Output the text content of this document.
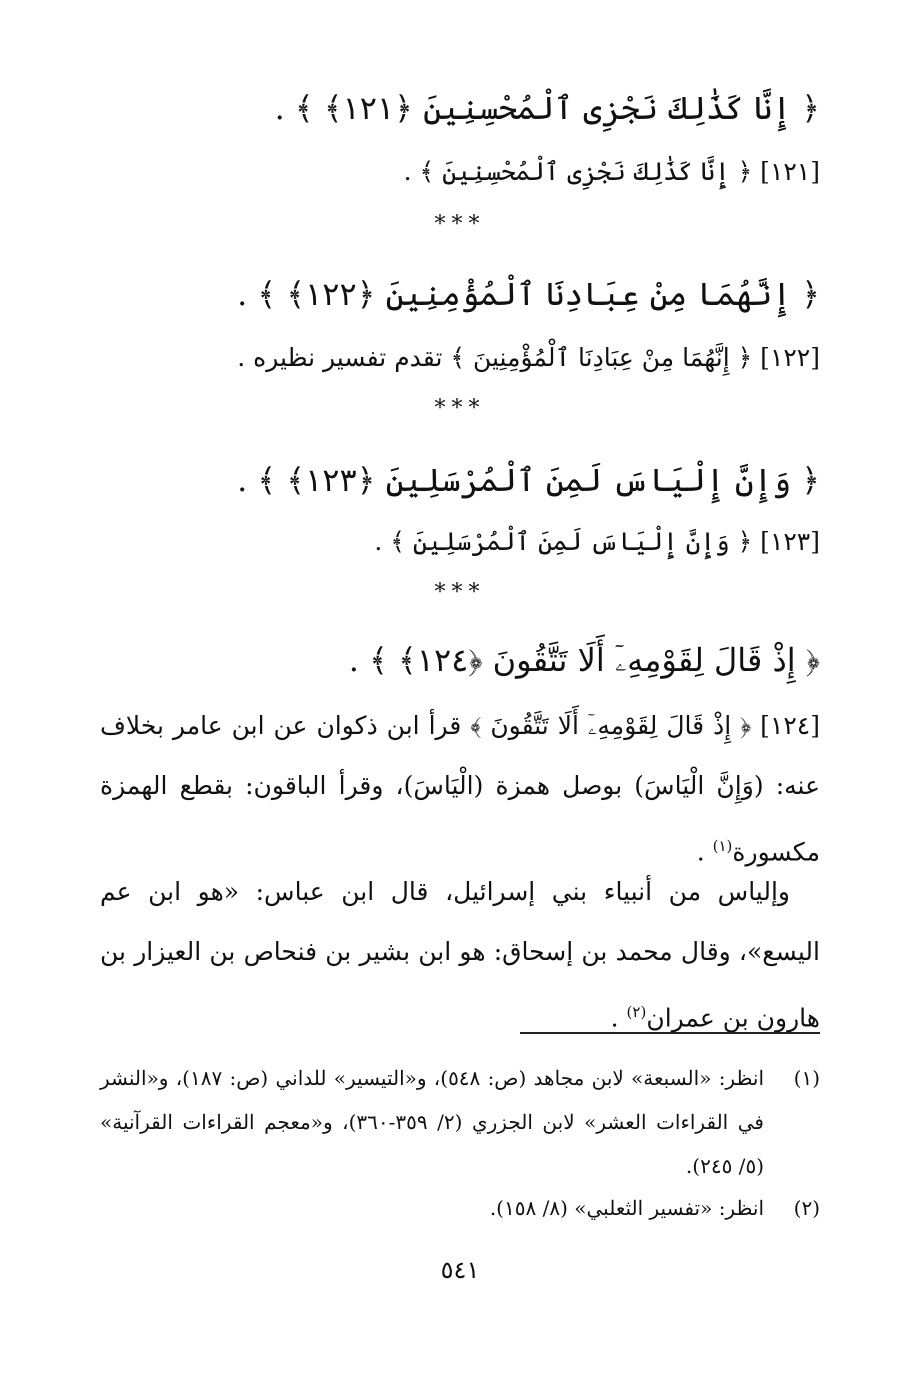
﴿ إِنَّا كَذَٰلِكَ نَجْزِى ٱلْمُحْسِنِينَ ﴿١٢١﴾ ﴾ .
[١٢١] ﴿ إِنَّا كَذَٰلِكَ نَجْزِى ٱلْمُحْسِنِينَ ﴾ .
***
﴿ إِنَّهُمَا مِنْ عِبَادِنَا ٱلْمُؤْمِنِينَ ﴿١٢٢﴾ ﴾ .
[١٢٢] ﴿ إِنَّهُمَا مِنْ عِبَادِنَا ٱلْمُؤْمِنِينَ ﴾ تقدم تفسير نظيره .
***
﴿ وَإِنَّ إِلْيَاسَ لَمِنَ ٱلْمُرْسَلِينَ ﴿١٢٣﴾ ﴾ .
[١٢٣] ﴿ وَإِنَّ إِلْيَاسَ لَمِنَ ٱلْمُرْسَلِينَ ﴾ .
***
﴿ إِذْ قَالَ لِقَوْمِهِۦٓ أَلَا تَتَّقُونَ ﴿١٢٤﴾ ﴾ .
[١٢٤] ﴿ إِذْ قَالَ لِقَوْمِهِۦٓ أَلَا تَتَّقُونَ ﴾ قرأ ابن ذكوان عن ابن عامر بخلاف عنه: (وَإِنَّ الْيَاسَ) بوصل همزة (الْيَاسَ)، وقرأ الباقون: بقطع الهمزة مكسورة$^{(١)}$ .
وإلياس من أنبياء بني إسرائيل، قال ابن عباس: «هو ابن عم اليسع»، وقال محمد بن إسحاق: هو ابن بشير بن فنحاص بن العيزار بن هارون بن عمران$^{(٢)}$ .
(١)
انظر: «السبعة» لابن مجاهد (ص: ٥٤٨)، و«التيسير» للداني (ص: ١٨٧)، و«النشر في القراءات العشر» لابن الجزري (٢/ ٣٥٩-٣٦٠)، و«معجم القراءات القرآنية» (٥/ ٢٤٥).
(٢)
انظر: «تفسير الثعلبي» (٨/ ١٥٨).
٥٤١
